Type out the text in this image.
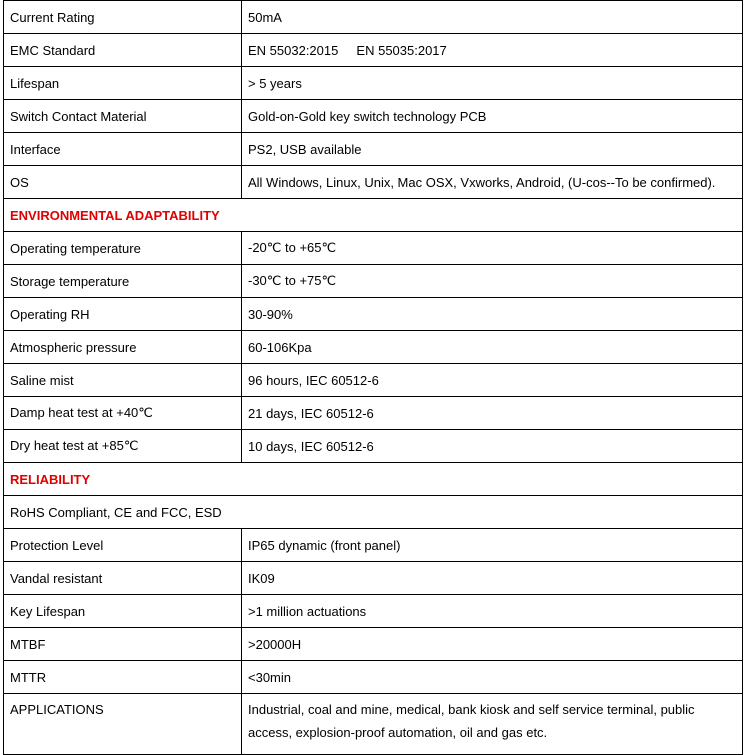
Current Rating	50mA
EMC Standard	EN 55032:2015     EN 55035:2017
Lifespan	> 5 years
Switch Contact Material	Gold-on-Gold key switch technology PCB
Interface	PS2, USB available
OS	All Windows, Linux, Unix, Mac OSX, Vxworks, Android, (U-cos--To be confirmed).
ENVIRONMENTAL ADAPTABILITY	
Operating temperature	-20℃ to +65℃
Storage temperature	-30℃ to +75℃
Operating RH	30-90%
Atmospheric pressure	60-106Kpa
Saline mist	96 hours, IEC 60512-6
Damp heat test at +40℃	21 days, IEC 60512-6
Dry heat test at +85℃	10 days, IEC 60512-6
RELIABILITY	
RoHS Compliant, CE and FCC, ESD	
Protection Level	IP65 dynamic (front panel)
Vandal resistant	IK09
Key Lifespan	>1 million actuations
MTBF	>20000H
MTTR	<30min
APPLICATIONS	Industrial, coal and mine, medical, bank kiosk and self service terminal, public access, explosion-proof automation, oil and gas etc.
